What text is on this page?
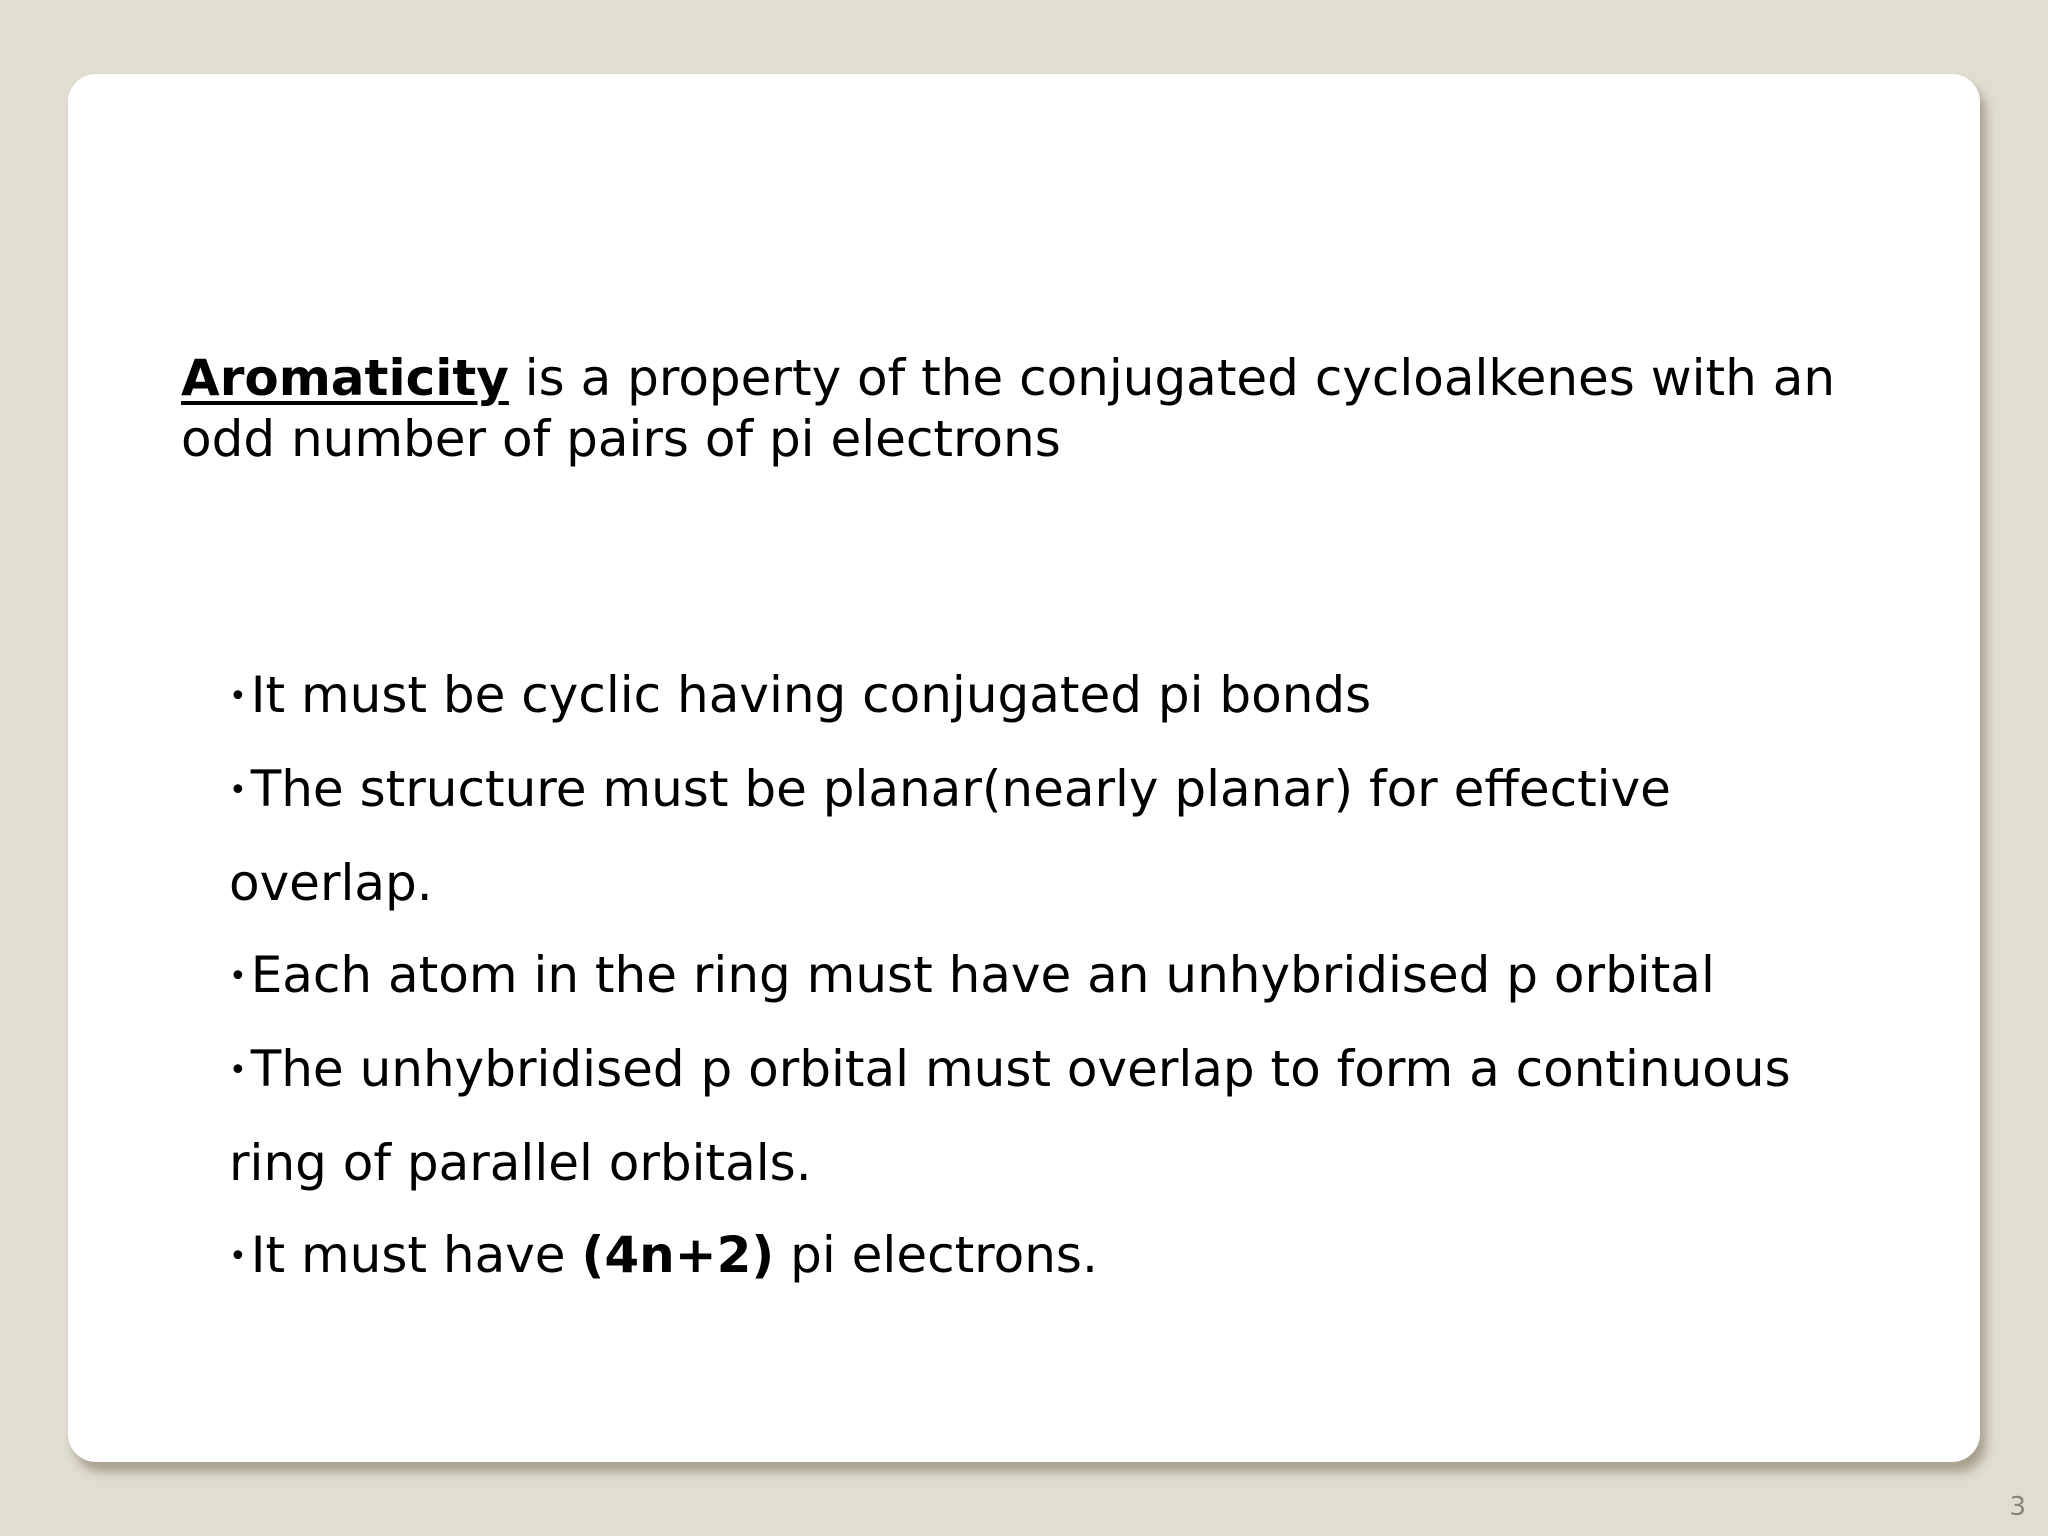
Aromaticity is a property of the conjugated cycloalkenes with an odd number of pairs of pi electrons

•It must be cyclic having conjugated pi bonds
•The structure must be planar(nearly planar) for effective overlap.
•Each atom in the ring must have an unhybridised p orbital
•The unhybridised p orbital must overlap to form a continuous ring of parallel orbitals.
•It must have (4n+2) pi electrons.
3
